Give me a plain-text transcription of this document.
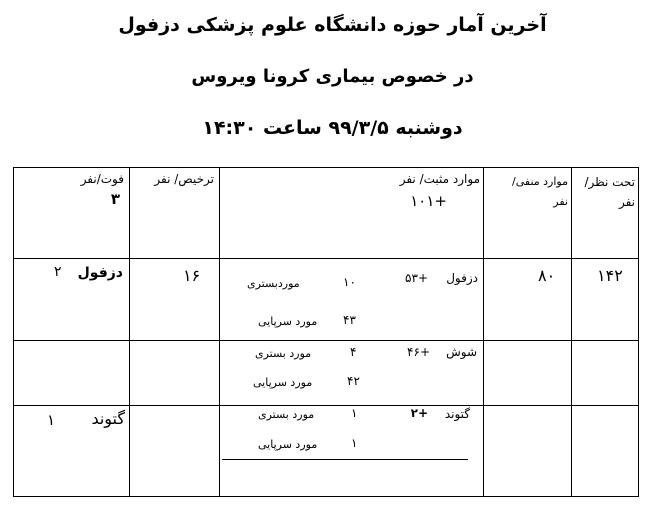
آخرین آمار حوزه دانشگاه علوم پزشکی دزفول
در خصوص بیماری کرونا ویروس
دوشنبه ۹۹/۳/۵ ساعت ۱۴:۳۰
تحت نظر/ نفر
موارد منفی/ نفر
موارد مثبت/ نفر
+۱۰۱
ترخیص/ نفر
فوت/نفر
۳
۱۴۲
۸۰
دزفول
+۵۳
۱۰
موردبستری
۴۳
مورد سرپایی
۱۶
دزفول
۲
شوش
+۴۶
۴
مورد بستری
۴۲
مورد سرپایی
گتوند
+۲
۱
مورد بستری
۱
مورد سرپایی
گتوند
۱
